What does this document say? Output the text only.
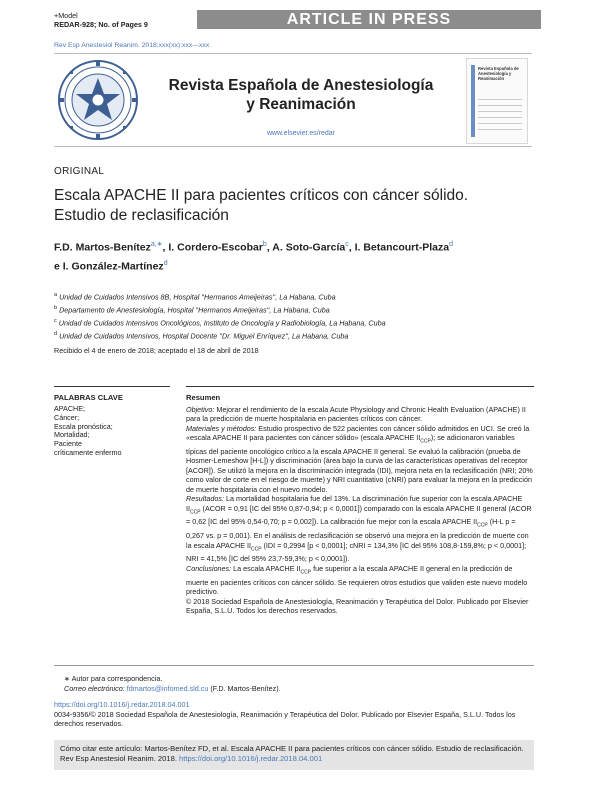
+Model
REDAR-928; No. of Pages 9	ARTICLE IN PRESS
Rev Esp Anestesiol Reanim. 2018;xxx(xx):xxx---xxx
Revista Española de Anestesiología
y Reanimación
www.elsevier.es/redar
Revista Española de Anestesiología y Reanimación
ORIGINAL
Escala APACHE II para pacientes críticos con cáncer sólido. Estudio de reclasificación
F.D. Martos-Benítez$^{a,∗}$, I. Cordero-Escobar$^b$, A. Soto-García$^c$, I. Betancourt-Plaza$^d$
e I. González-Martínez$^d$
$^a$ Unidad de Cuidados Intensivos 8B, Hospital ''Hermanos Ameijeiras'', La Habana, Cuba
$^b$ Departamento de Anestesiología, Hospital ''Hermanos Ameijeiras'', La Habana, Cuba
$^c$ Unidad de Cuidados Intensivos Oncológicos, Instituto de Oncología y Radiobiología, La Habana, Cuba
$^d$ Unidad de Cuidados Intensivos, Hospital Docente ''Dr. Miguel Enríquez'', La Habana, Cuba
Recibido el 4 de enero de 2018; aceptado el 18 de abril de 2018
PALABRAS CLAVE
APACHE;
Cáncer;
Escala pronóstica;
Mortalidad;
Paciente
críticamente enfermo
Resumen

Objetivo: Mejorar el rendimiento de la escala Acute Physiology and Chronic Health Evaluation (APACHE) II para la predicción de muerte hospitalaria en pacientes críticos con cáncer.

Materiales y métodos: Estudio prospectivo de 522 pacientes con cáncer sólido admitidos en UCI. Se creó la «escala APACHE II para pacientes con cáncer sólido» (escala APACHE $II_{CCP}$); se adicionaron variables típicas del paciente oncológico crítico a la escala APACHE II general. Se evaluó la calibración (prueba de Hosmer-Lemeshow [H-L]) y discriminación (área bajo la curva de las características operativas del receptor [ACOR]). Se utilizó la mejora en la discriminación integrada (IDI), mejora neta en la reclasificación (NRI; 20% como valor de corte en el riesgo de muerte) y NRI cuantitativo (cNRI) para evaluar la mejora en la predicción de muerte hospitalaria con el nuevo modelo.

Resultados: La mortalidad hospitalaria fue del 13%. La discriminación fue superior con la escala APACHE $II_{CCP}$ (ACOR = 0,91 [IC del 95% 0,87-0,94; p < 0,0001]) comparado con la escala APACHE II general (ACOR = 0,62 [IC del 95% 0,54-0,70; p = 0,002]). La calibración fue mejor con la escala APACHE $II_{CCP}$ (H-L p = 0,267 vs. p = 0,001). En el análisis de reclasificación se observó una mejora en la predicción de muerte con la escala APACHE $II_{CCP}$ (IDI = 0,2994 [p < 0,0001]; cNRI = 134,3% [IC del 95% 108,8-159,8%; p < 0,0001]; NRI = 41,5% [IC del 95% 23,7-59,3%; p < 0,0001]).

Conclusiones: La escala APACHE $II_{CCP}$ fue superior a la escala APACHE II general en la predicción de muerte en pacientes críticos con cáncer sólido. Se requieren otros estudios que validen este nuevo modelo predictivo.

© 2018 Sociedad Española de Anestesiología, Reanimación y Terapéutica del Dolor. Publicado por Elsevier España, S.L.U. Todos los derechos reservados.

∗ Autor para correspondencia.
Correo electrónico: fdmartos@infomed.sld.cu (F.D. Martos-Benítez).
https://doi.org/10.1016/j.redar.2018.04.001
0034-9356/© 2018 Sociedad Española de Anestesiología, Reanimación y Terapéutica del Dolor. Publicado por Elsevier España, S.L.U. Todos los derechos reservados.
Cómo citar este artículo: Martos-Benítez FD, et al. Escala APACHE II para pacientes críticos con cáncer sólido. Estudio de reclasificación. Rev Esp Anestesiol Reanim. 2018. https://doi.org/10.1016/j.redar.2018.04.001
